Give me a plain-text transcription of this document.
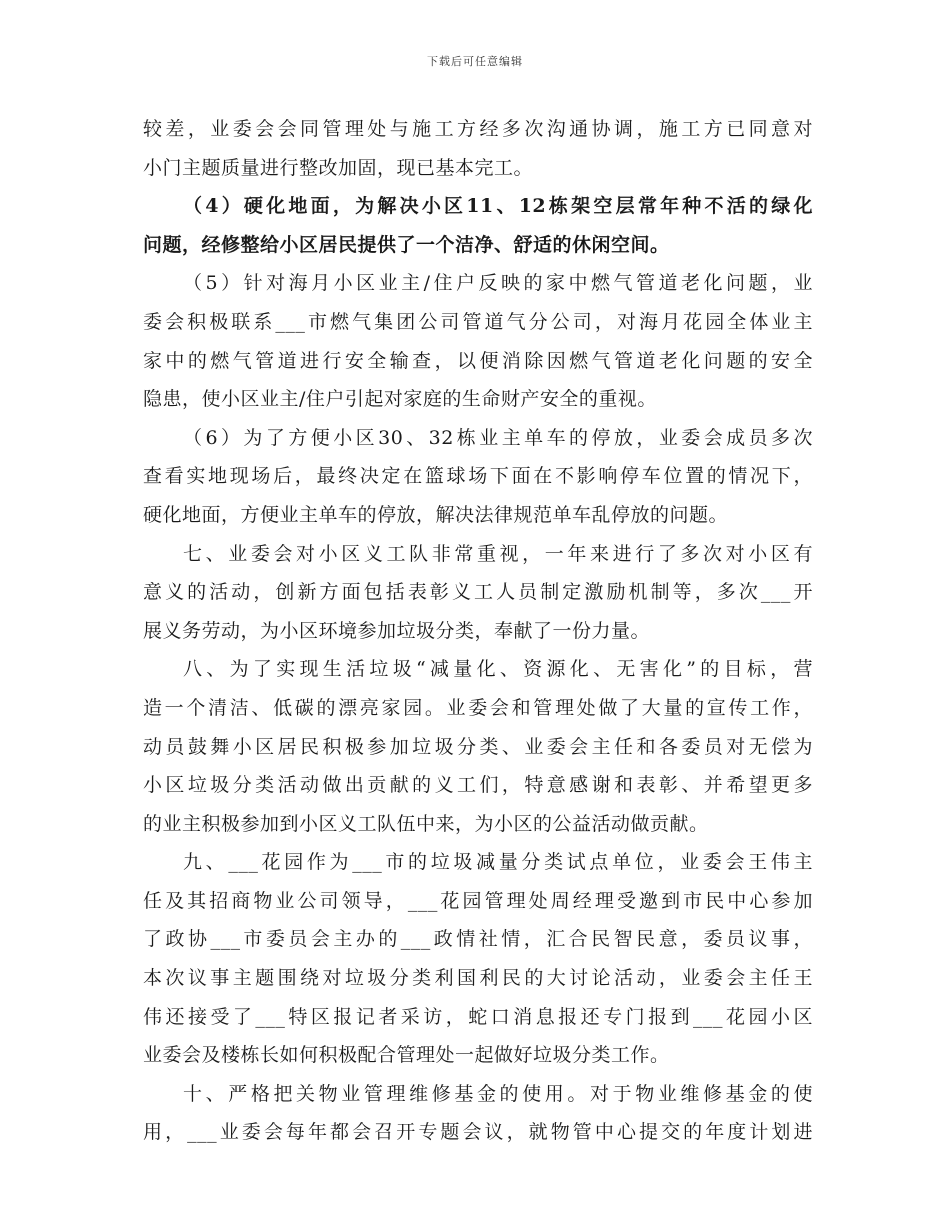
下载后可任意编辑
较差，业委会会同管理处与施工方经多次沟通协调，施工方已同意对
小门主题质量进行整改加固，现已基本完工。
（4）硬化地面，为解决小区11、12栋架空层常年种不活的绿化
问题，经修整给小区居民提供了一个洁净、舒适的休闲空间。
（5）针对海月小区业主/住户反映的家中燃气管道老化问题，业
委会积极联系___市燃气集团公司管道气分公司，对海月花园全体业主
家中的燃气管道进行安全输查，以便消除因燃气管道老化问题的安全
隐患，使小区业主/住户引起对家庭的生命财产安全的重视。
（6）为了方便小区30、32栋业主单车的停放，业委会成员多次
查看实地现场后，最终决定在篮球场下面在不影响停车位置的情况下，
硬化地面，方便业主单车的停放，解决法律规范单车乱停放的问题。
七、业委会对小区义工队非常重视，一年来进行了多次对小区有
意义的活动，创新方面包括表彰义工人员制定激励机制等，多次___开
展义务劳动，为小区环境参加垃圾分类，奉献了一份力量。
八、为了实现生活垃圾“减量化、资源化、无害化”的目标，营
造一个清洁、低碳的漂亮家园。业委会和管理处做了大量的宣传工作，
动员鼓舞小区居民积极参加垃圾分类、业委会主任和各委员对无偿为
小区垃圾分类活动做出贡献的义工们，特意感谢和表彰、并希望更多
的业主积极参加到小区义工队伍中来，为小区的公益活动做贡献。
九、___花园作为___市的垃圾减量分类试点单位，业委会王伟主
任及其招商物业公司领导，___花园管理处周经理受邀到市民中心参加
了政协___市委员会主办的___政情社情，汇合民智民意，委员议事，
本次议事主题围绕对垃圾分类利国利民的大讨论活动，业委会主任王
伟还接受了___特区报记者采访，蛇口消息报还专门报到___花园小区
业委会及楼栋长如何积极配合管理处一起做好垃圾分类工作。
十、严格把关物业管理维修基金的使用。对于物业维修基金的使
用，___业委会每年都会召开专题会议，就物管中心提交的年度计划进
